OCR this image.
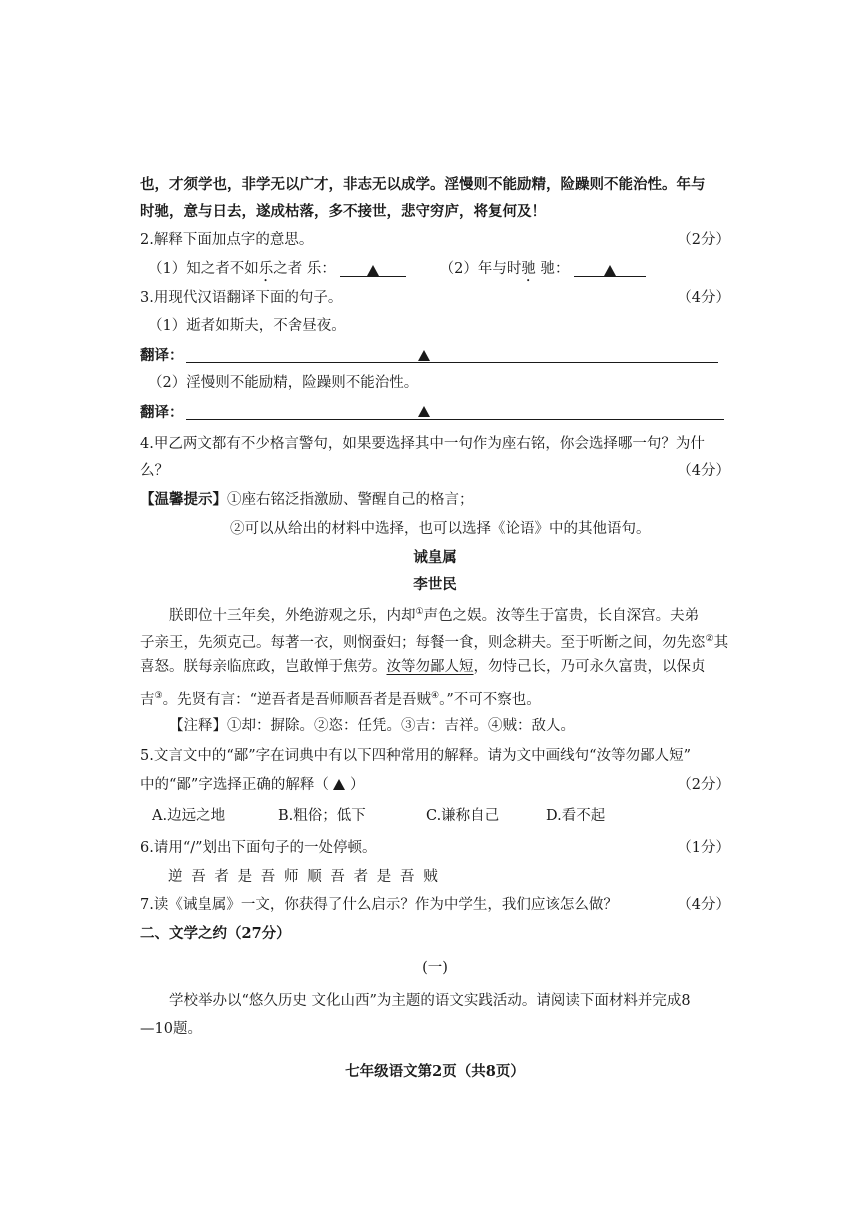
也，才须学也，非学无以广才，非志无以成学。淫慢则不能励精，险躁则不能治性。年与
时驰，意与日去，遂成枯落，多不接世，悲守穷庐，将复何及！
2.解释下面加点字的意思。	（2分）
（1）知之者不如乐之者 乐：	（2）年与时驰 驰：
3.用现代汉语翻译下面的句子。	（4分）
（1）逝者如斯夫，不舍昼夜。
翻译：
（2）淫慢则不能励精，险躁则不能治性。
翻译：
4.甲乙两文都有不少格言警句，如果要选择其中一句作为座右铭，你会选择哪一句？为什
么？	（4分）
【温馨提示】①座右铭泛指激励、警醒自己的格言；
②可以从给出的材料中选择，也可以选择《论语》中的其他语句。
诫皇属
李世民
朕即位十三年矣，外绝游观之乐，内却①声色之娱。汝等生于富贵，长自深宫。夫弟
子亲王，先须克己。每著一衣，则悯蚕妇；每餐一食，则念耕夫。至于听断之间，勿先恣②其
喜怒。朕每亲临庶政，岂敢惮于焦劳。汝等勿鄙人短，勿恃己长，乃可永久富贵，以保贞
吉③。先贤有言：“逆吾者是吾师顺吾者是吾贼④。”不可不察也。
【注释】①却：摒除。②恣：任凭。③吉：吉祥。④贼：敌人。
5.文言文中的“鄙”字在词典中有以下四种常用的解释。请为文中画线句“汝等勿鄙人短”
中的“鄙”字选择正确的解释（ ）	（2分）
A.边远之地	B.粗俗；低下	C.谦称自己	D.看不起
6.请用“/”划出下面句子的一处停顿。	（1分）
逆吾者是吾师顺吾者是吾贼
7.读《诫皇属》一文，你获得了什么启示？作为中学生，我们应该怎么做？	（4分）
二、文学之约（27分）
(一)
学校举办以“悠久历史 文化山西”为主题的语文实践活动。请阅读下面材料并完成8
—10题。
七年级语文第2页（共8页）
